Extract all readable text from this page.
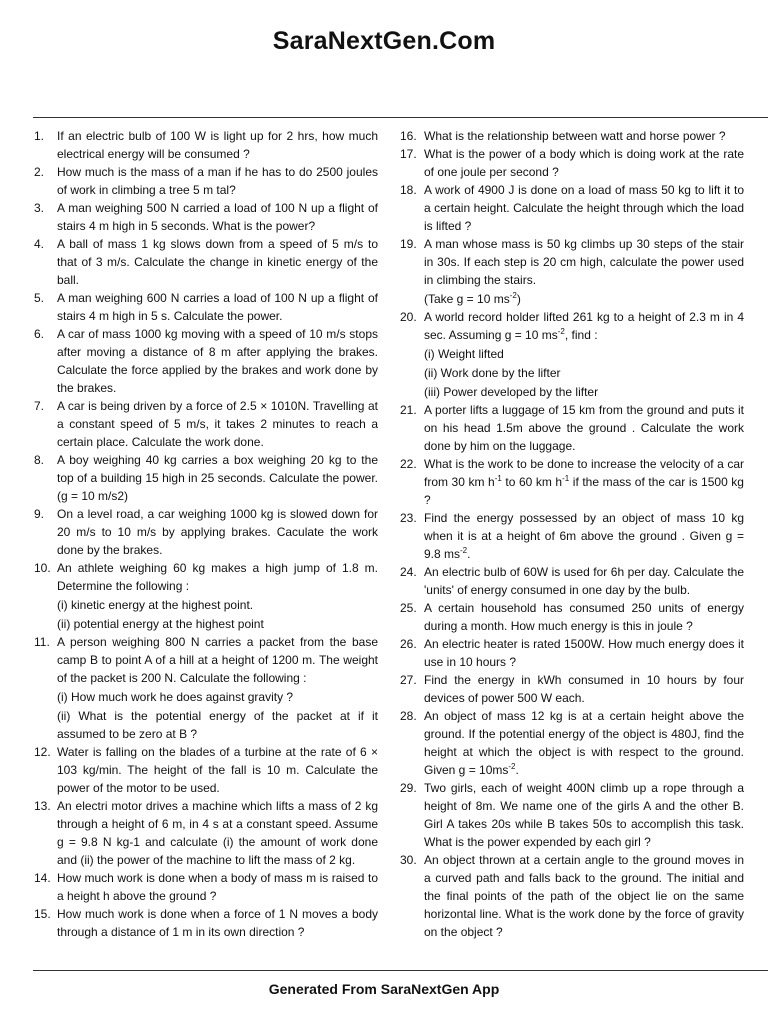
SaraNextGen.Com
1.	If an electric bulb of 100 W is light up for 2 hrs, how much electrical energy will be consumed ?
2.	How much is the mass of a man if he has to do 2500 joules of work in climbing a tree 5 m tal?
3.	A man weighing 500 N carried a load of 100 N up a flight of stairs 4 m high in 5 seconds. What is the power?
4.	A ball of mass 1 kg slows down from a speed of 5 m/s to that of 3 m/s. Calculate the change in kinetic energy of the ball.
5.	A man weighing 600 N carries a load of 100 N up a flight of stairs 4 m high in 5 s. Calculate the power.
6.	A car of mass 1000 kg moving with a speed of 10 m/s stops after moving a distance of 8 m after applying the brakes. Calculate the force applied by the brakes and work done by the brakes.
7.	A car is being driven by a force of 2.5 × 1010N. Travelling at a constant speed of 5 m/s, it takes 2 minutes to reach a certain place. Calculate the work done.
8.	A boy weighing 40 kg carries a box weighing 20 kg to the top of a building 15 high in 25 seconds. Calculate the power. (g = 10 m/s2)
9.	On a level road, a car weighing 1000 kg is slowed down for 20 m/s to 10 m/s by applying brakes. Caculate the work done by the brakes.
10. An athlete weighing 60 kg makes a high jump of 1.8 m. Determine the following :
(i) kinetic energy at the highest point.
(ii) potential energy at the highest point
11. A person weighing 800 N carries a packet from the base camp B to point A of a hill at a height of 1200 m. The weight of the packet is 200 N. Calculate the following :
(i) How much work he does against gravity ?
(ii) What is the potential energy of the packet at if it assumed to be zero at B ?
12. Water is falling on the blades of a turbine at the rate of 6 × 103 kg/min. The height of the fall is 10 m. Calculate the power of the motor to be used.
13. An electri motor drives a machine which lifts a mass of 2 kg through a height of 6 m, in 4 s at a constant speed. Assume g = 9.8 N kg-1 and calculate (i) the amount of work done and (ii) the power of the machine to lift the mass of 2 kg.
14. How much work is done when a body of mass m is raised to a height h above the ground ?
15. How much work is done when a force of 1 N moves a body through a distance of 1 m in its own direction ?
16. What is the relationship between watt and horse power ?
17. What is the power of a body which is doing work at the rate of one joule per second ?
18. A work of 4900 J is done on a load of mass 50 kg to lift it to a certain height. Calculate the height through which the load is lifted ?
19. A man whose mass is 50 kg climbs up 30 steps of the stair in 30s. If each step is 20 cm high, calculate the power used in climbing the stairs.
(Take g = 10 $ms^{-2}$)
20. A world record holder lifted 261 kg to a height of 2.3 m in 4 sec. Assuming g = 10 $ms^{-2}$, find :
(i) Weight lifted
(ii) Work done by the lifter
(iii) Power developed by the lifter
21. A porter lifts a luggage of 15 km from the ground and puts it on his head 1.5m above the ground . Calculate the work done by him on the luggage.
22. What is the work to be done to increase the velocity of a car from 30 km $h^{-1}$ to 60 km $h^{-1}$ if the mass of the car is 1500 kg ?
23. Find the energy possessed by an object of mass 10 kg when it is at a height of 6m above the ground . Given g = 9.8 $ms^{-2}$.
24. An electric bulb of 60W is used for 6h per day. Calculate the 'units' of energy consumed in one day by the bulb.
25. A certain household has consumed 250 units of energy during a month. How much energy is this in joule ?
26. An electric heater is rated 1500W. How much energy does it use in 10 hours ?
27. Find the energy in kWh consumed in 10 hours by four devices of power 500 W each.
28. An object of mass 12 kg is at a certain height above the ground. If the potential energy of the object is 480J, find the height at which the object is with respect to the ground. Given $g = 10ms^{-2}$.
29. Two girls, each of weight 400N climb up a rope through a height of 8m. We name one of the girls A and the other B. Girl A takes 20s while B takes 50s to accomplish this task. What is the power expended by each girl ?
30. An object thrown at a certain angle to the ground moves in a curved path and falls back to the ground. The initial and the final points of the path of the object lie on the same horizontal line. What is the work done by the force of gravity on the object ?
Generated From SaraNextGen App
